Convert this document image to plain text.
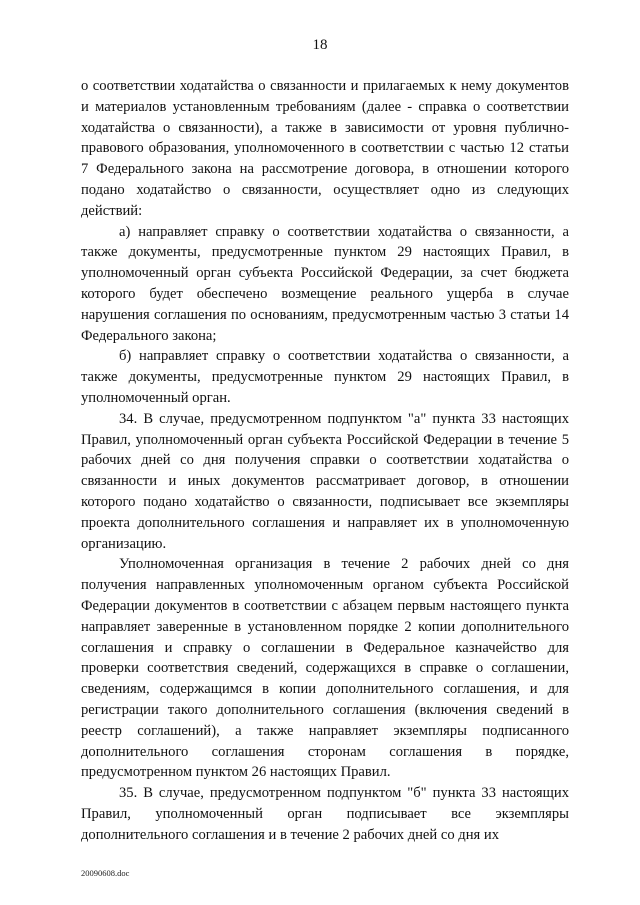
18

о соответствии ходатайства о связанности и прилагаемых к нему документов и материалов установленным требованиям (далее - справка о соответствии ходатайства о связанности), а также в зависимости от уровня публично-правового образования, уполномоченного в соответствии с частью 12 статьи 7 Федерального закона на рассмотрение договора, в отношении которого подано ходатайство о связанности, осуществляет одно из следующих действий:

а) направляет справку о соответствии ходатайства о связанности, а также документы, предусмотренные пунктом 29 настоящих Правил, в уполномоченный орган субъекта Российской Федерации, за счет бюджета которого будет обеспечено возмещение реального ущерба в случае нарушения соглашения по основаниям, предусмотренным частью 3 статьи 14 Федерального закона;

б) направляет справку о соответствии ходатайства о связанности, а также документы, предусмотренные пунктом 29 настоящих Правил, в уполномоченный орган.

34. В случае, предусмотренном подпунктом "а" пункта 33 настоящих Правил, уполномоченный орган субъекта Российской Федерации в течение 5 рабочих дней со дня получения справки о соответствии ходатайства о связанности и иных документов рассматривает договор, в отношении которого подано ходатайство о связанности, подписывает все экземпляры проекта дополнительного соглашения и направляет их в уполномоченную организацию.

Уполномоченная организация в течение 2 рабочих дней со дня получения направленных уполномоченным органом субъекта Российской Федерации документов в соответствии с абзацем первым настоящего пункта направляет заверенные в установленном порядке 2 копии дополнительного соглашения и справку о соглашении в Федеральное казначейство для проверки соответствия сведений, содержащихся в справке о соглашении, сведениям, содержащимся в копии дополнительного соглашения, и для регистрации такого дополнительного соглашения (включения сведений в реестр соглашений), а также направляет экземпляры подписанного дополнительного соглашения сторонам соглашения в порядке, предусмотренном пунктом 26 настоящих Правил.

35. В случае, предусмотренном подпунктом "б" пункта 33 настоящих Правил, уполномоченный орган подписывает все экземпляры дополнительного соглашения и в течение 2 рабочих дней со дня их

20090608.doc
